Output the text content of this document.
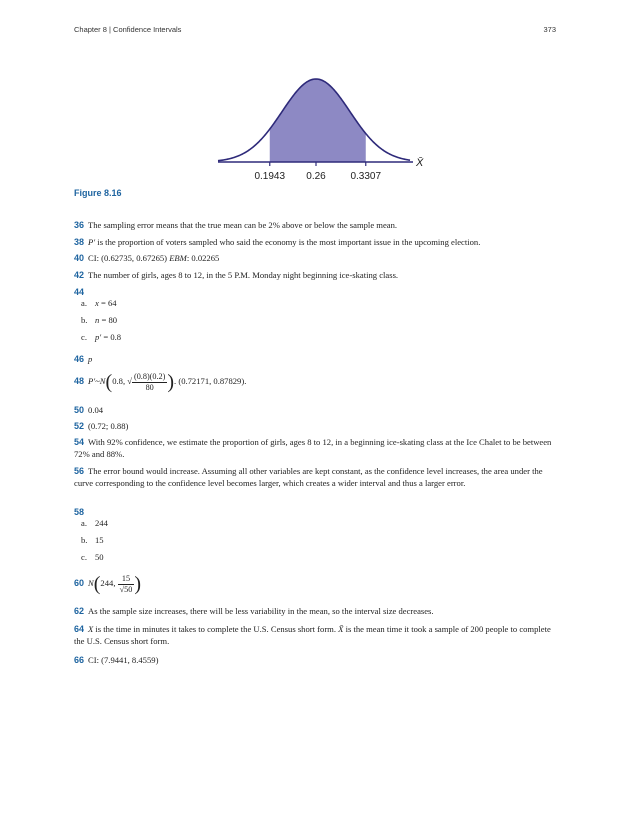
Chapter 8 | Confidence Intervals	373
0.1943 0.26 0.3307
X̄
Figure 8.16
36 The sampling error means that the true mean can be 2% above or below the sample mean.
38 P′ is the proportion of voters sampled who said the economy is the most important issue in the upcoming election.
40 CI: (0.62735, 0.67265) EBM: 0.02265
42 The number of girls, ages 8 to 12, in the 5 P.M. Monday night beginning ice-skating class.
44
a. x = 64
b. n = 80
c. p′ = 0.8
46 p
48 P′~N(0.8, √ $\frac{(0.8)(0.2)}{80}$ ). (0.72171, 0.87829).
50 0.04
52 (0.72; 0.88)
54 With 92% confidence, we estimate the proportion of girls, ages 8 to 12, in a beginning ice-skating class at the Ice Chalet to be between 72% and 88%.
56 The error bound would increase. Assuming all other variables are kept constant, as the confidence level increases, the area under the curve corresponding to the confidence level becomes larger, which creates a wider interval and thus a larger error.
58
a. 244
b. 15
c. 50
60 N(244, $\frac{15}{√50}$ )
62 As the sample size increases, there will be less variability in the mean, so the interval size decreases.
64 X is the time in minutes it takes to complete the U.S. Census short form. X̄ is the mean time it took a sample of 200 people to complete the U.S. Census short form.
66 CI: (7.9441, 8.4559)
